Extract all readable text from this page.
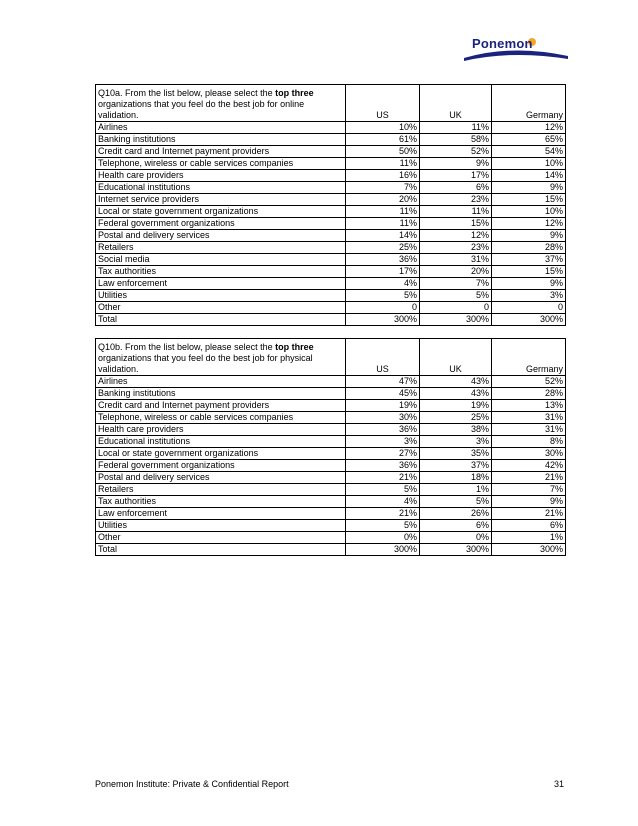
Ponemon
Q10a. From the list below, please select the top three organizations that you feel do the best job for online validation.	US	UK	Germany
Airlines	10%	11%	12%
Banking institutions	61%	58%	65%
Credit card and Internet payment providers	50%	52%	54%
Telephone, wireless or cable services companies	11%	9%	10%
Health care providers	16%	17%	14%
Educational institutions	7%	6%	9%
Internet service providers	20%	23%	15%
Local or state government organizations	11%	11%	10%
Federal government organizations	11%	15%	12%
Postal and delivery services	14%	12%	9%
Retailers	25%	23%	28%
Social media	36%	31%	37%
Tax authorities	17%	20%	15%
Law enforcement	4%	7%	9%
Utilities	5%	5%	3%
Other	0	0	0
Total	300%	300%	300%
Q10b. From the list below, please select the top three organizations that you feel do the best job for physical validation.	US	UK	Germany
Airlines	47%	43%	52%
Banking institutions	45%	43%	28%
Credit card and Internet payment providers	19%	19%	13%
Telephone, wireless or cable services companies	30%	25%	31%
Health care providers	36%	38%	31%
Educational institutions	3%	3%	8%
Local or state government organizations	27%	35%	30%
Federal government organizations	36%	37%	42%
Postal and delivery services	21%	18%	21%
Retailers	5%	1%	7%
Tax authorities	4%	5%	9%
Law enforcement	21%	26%	21%
Utilities	5%	6%	6%
Other	0%	0%	1%
Total	300%	300%	300%
Ponemon Institute: Private & Confidential Report	31
